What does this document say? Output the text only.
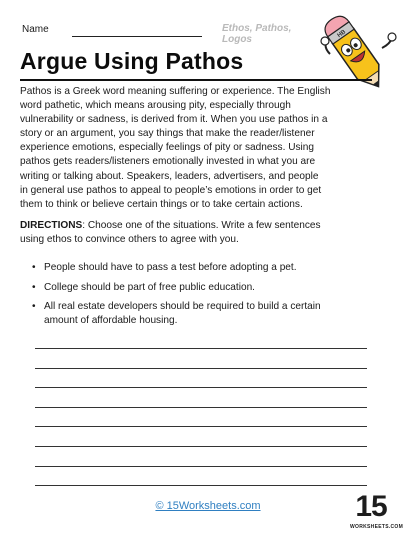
Name	Ethos, Pathos, Logos	HB
Argue Using Pathos
Pathos is a Greek word meaning suffering or experience. The English
word pathetic, which means arousing pity, especially through
vulnerability or sadness, is derived from it. When you use pathos in a
story or an argument, you say things that make the reader/listener
experience emotions, especially feelings of pity or sadness. Using
pathos gets readers/listeners emotionally invested in what you are
writing or talking about. Speakers, leaders, advertisers, and people
in general use pathos to appeal to people’s emotions in order to get
them to think or believe certain things or to take certain actions.
DIRECTIONS: Choose one of the situations. Write a few sentences
using ethos to convince others to agree with you.
• People should have to pass a test before adopting a pet.
• College should be part of free public education.
• All real estate developers should be required to build a certain
amount of affordable housing.
© 15Worksheets.com	15
WORKSHEETS.COM
